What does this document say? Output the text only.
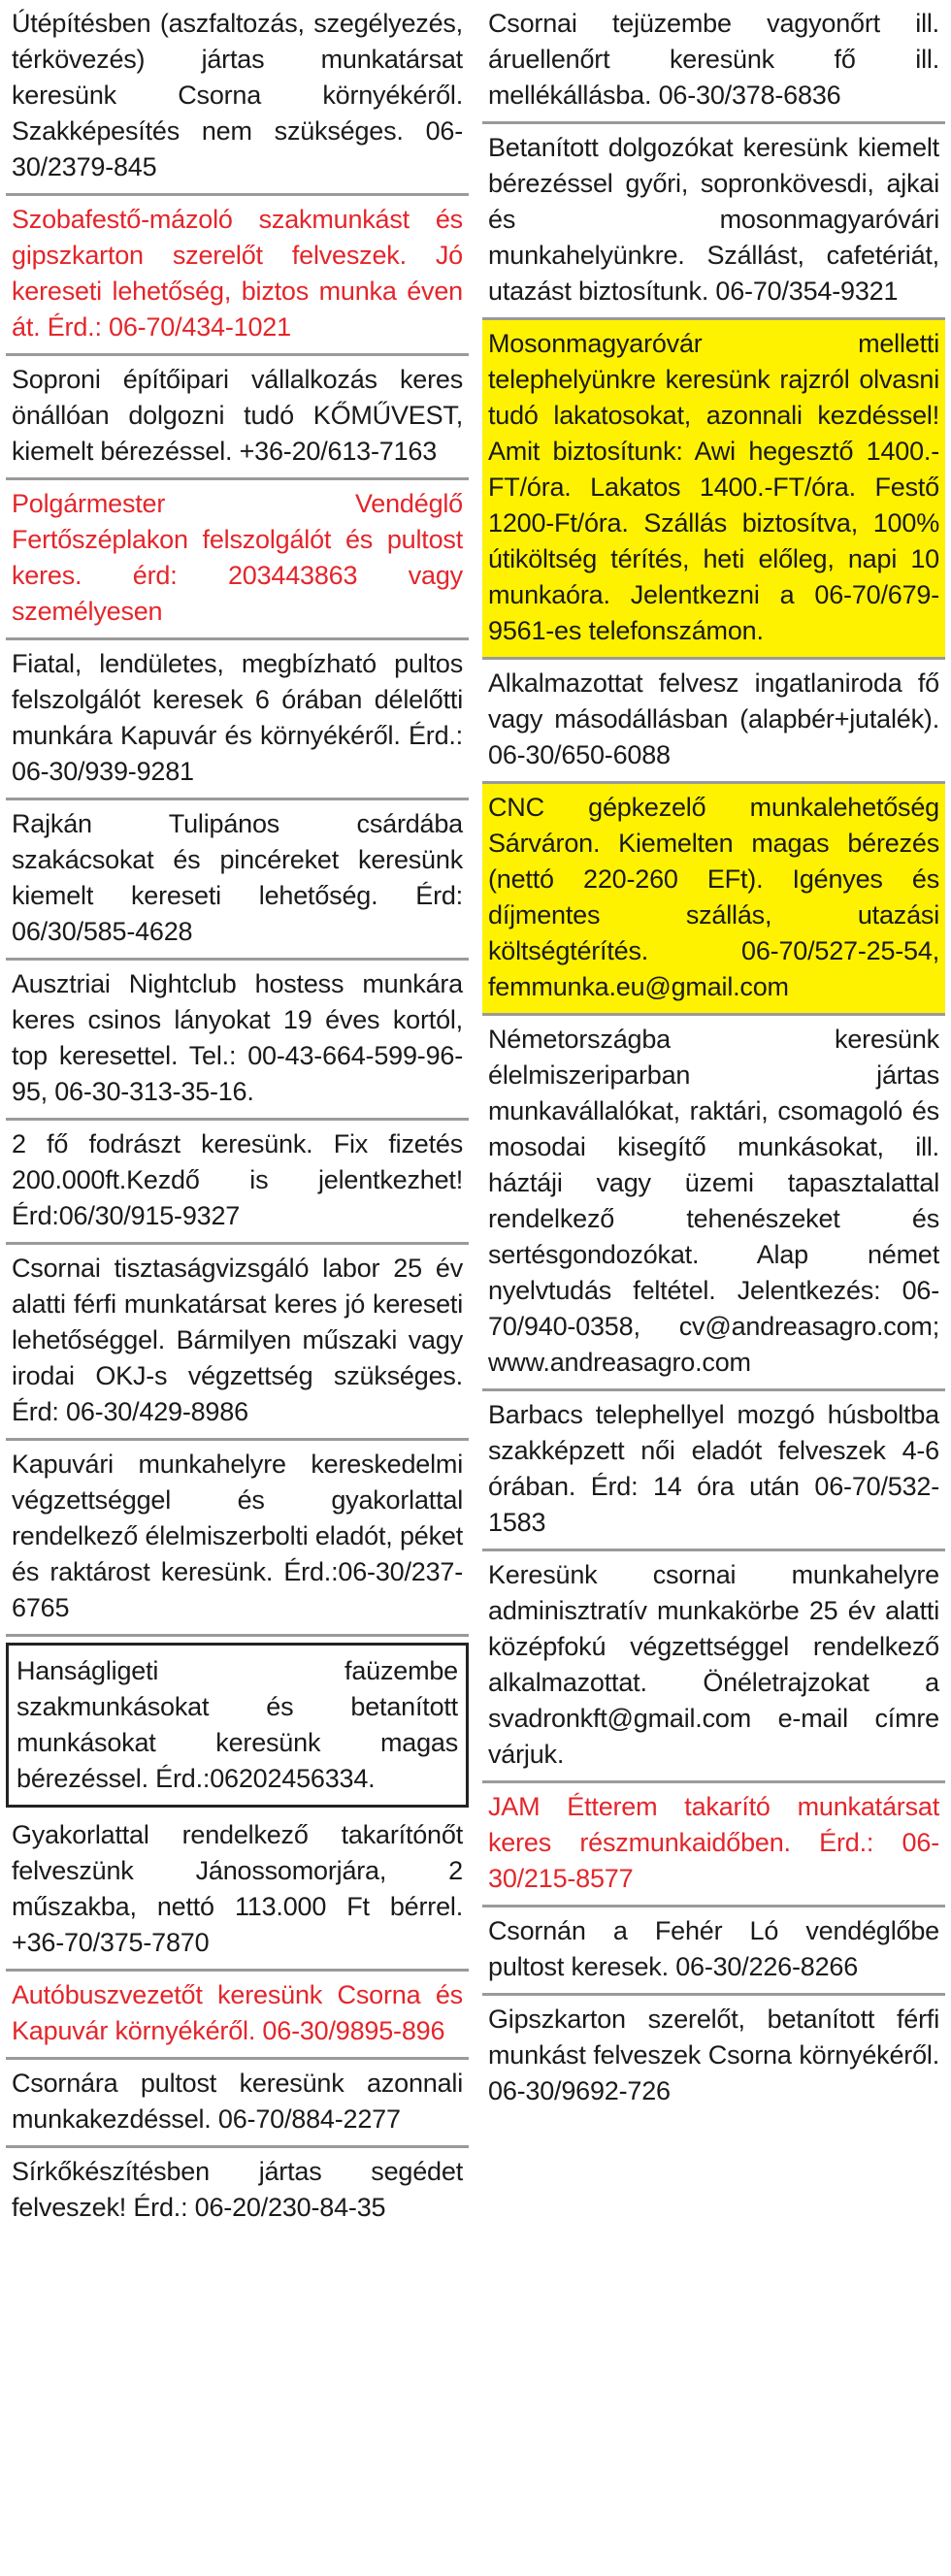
Útépítésben (aszfaltozás, szegélyezés, térkövezés) jártas munkatársat keresünk Csorna környékéről. Szakképesítés nem szükséges. 06-30/2379-845
Szobafestő-mázoló szakmunkást és gipszkarton szerelőt felveszek. Jó kereseti lehetőség, biztos munka éven át. Érd.: 06-70/434-1021
Soproni építőipari vállalkozás keres önállóan dolgozni tudó KŐMŰVEST, kiemelt bérezéssel. +36-20/613-7163
Polgármester Vendéglő Fertőszéplakon felszolgálót és pultost keres. érd: 203443863 vagy személyesen
Fiatal, lendületes, megbízható pultos felszolgálót keresek 6 órában délelőtti munkára Kapuvár és környékéről. Érd.: 06-30/939-9281
Rajkán Tulipános csárdába szakácsokat és pincéreket keresünk kiemelt kereseti lehetőség. Érd: 06/30/585-4628
Ausztriai Nightclub hostess munkára keres csinos lányokat 19 éves kortól, top keresettel. Tel.: 00-43-664-599-96-95, 06-30-313-35-16.
2 fő fodrászt keresünk. Fix fizetés 200.000ft.Kezdő is jelentkezhet! Érd:06/30/915-9327
Csornai tisztaságvizsgáló labor 25 év alatti férfi munkatársat keres jó kereseti lehetőséggel. Bármilyen műszaki vagy irodai OKJ-s végzettség szükséges. Érd: 06-30/429-8986
Kapuvári munkahelyre kereskedelmi végzettséggel és gyakorlattal rendelkező élelmiszerbolti eladót, péket és raktárost keresünk. Érd.:06-30/237-6765
Hanságligeti faüzembe szakmunkásokat és betanított munkásokat keresünk magas bérezéssel. Érd.:06202456334.
Gyakorlattal rendelkező takarítónőt felveszünk Jánossomorjára, 2 műszakba, nettó 113.000 Ft bérrel. +36-70/375-7870
Autóbuszvezetőt keresünk Csorna és Kapuvár környékéről. 06-30/9895-896
Csornára pultost keresünk azonnali munkakezdéssel. 06-70/884-2277
Sírkőkészítésben jártas segédet felveszek! Érd.: 06-20/230-84-35
Csornai tejüzembe vagyonőrt ill. áruellenőrt keresünk fő ill. mellékállásba. 06-30/378-6836
Betanított dolgozókat keresünk kiemelt bérezéssel győri, sopronkövesdi, ajkai és mosonmagyaróvári munkahelyünkre. Szállást, cafetériát, utazást biztosítunk. 06-70/354-9321
Mosonmagyaróvár melletti telephelyünkre keresünk rajzról olvasni tudó lakatosokat, azonnali kezdéssel! Amit biztosítunk: Awi hegesztő 1400.-FT/óra. Lakatos 1400.-FT/óra. Festő 1200-Ft/óra. Szállás biztosítva, 100% útiköltség térítés, heti előleg, napi 10 munkaóra. Jelentkezni a 06-70/679-9561-es telefonszámon.
Alkalmazottat felvesz ingatlaniroda fő vagy másodállásban (alapbér+jutalék). 06-30/650-6088
CNC gépkezelő munkalehetőség Sárváron. Kiemelten magas bérezés (nettó 220-260 EFt). Igényes és díjmentes szállás, utazási költségtérítés. 06-70/527-25-54, femmunka.eu@gmail.com
Németországba keresünk élelmiszeriparban jártas munkavállalókat, raktári, csomagoló és mosodai kisegítő munkásokat, ill. háztáji vagy üzemi tapasztalattal rendelkező tehenészeket és sertésgondozókat. Alap német nyelvtudás feltétel. Jelentkezés: 06-70/940-0358, cv@andreasagro.com; www.andreasagro.com
Barbacs telephellyel mozgó húsboltba szakképzett női eladót felveszek 4-6 órában. Érd: 14 óra után 06-70/532-1583
Keresünk csornai munkahelyre adminisztratív munkakörbe 25 év alatti középfokú végzettséggel rendelkező alkalmazottat. Önéletrajzokat a svadronkft@gmail.com e-mail címre várjuk.
JAM Étterem takarító munkatársat keres részmunkaidőben. Érd.: 06-30/215-8577
Csornán a Fehér Ló vendéglőbe pultost keresek. 06-30/226-8266
Gipszkarton szerelőt, betanított férfi munkást felveszek Csorna környékéről. 06-30/9692-726
